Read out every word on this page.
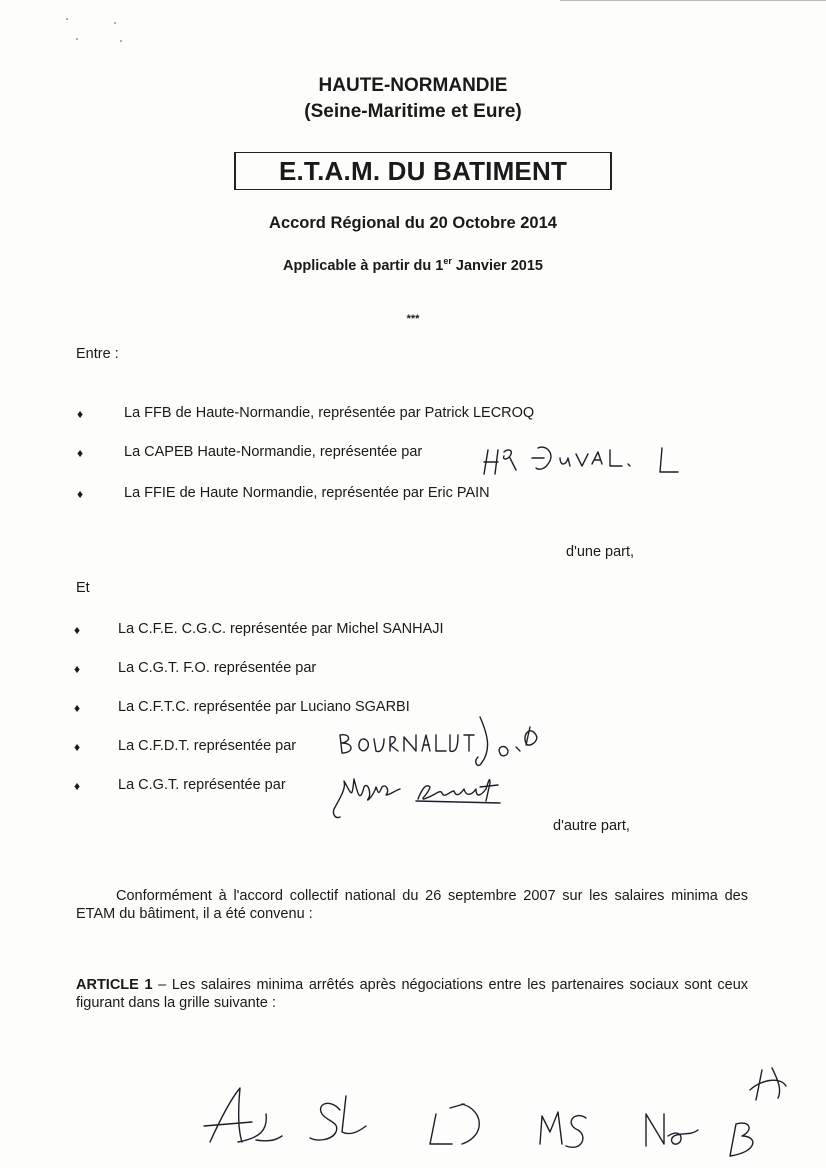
HAUTE-NORMANDIE
(Seine-Maritime et Eure)
E.T.A.M. DU BATIMENT
Accord Régional du 20 Octobre 2014
Applicable à partir du 1er Janvier 2015
***
Entre :
♦	La FFB de Haute-Normandie, représentée par Patrick LECROQ
♦	La CAPEB Haute-Normandie, représentée par
♦	La FFIE de Haute Normandie, représentée par Eric PAIN
d'une part,
Et
♦	La C.F.E. C.G.C. représentée par Michel SANHAJI
♦	La C.G.T. F.O. représentée par
♦	La C.F.T.C. représentée par Luciano SGARBI
♦	La C.F.D.T. représentée par
♦	La C.G.T. représentée par
d'autre part,
Conformément à l'accord collectif national du 26 septembre 2007 sur les salaires minima des ETAM du bâtiment, il a été convenu :
ARTICLE 1 – Les salaires minima arrêtés après négociations entre les partenaires sociaux sont ceux figurant dans la grille suivante :
